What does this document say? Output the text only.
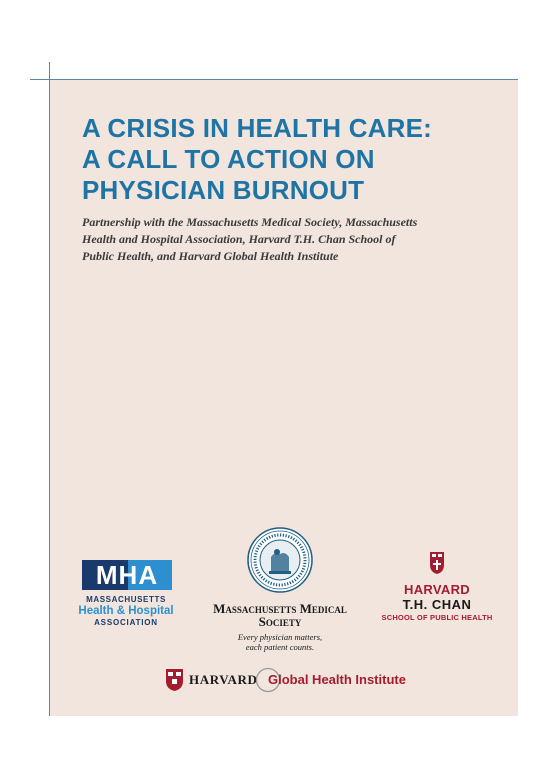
A CRISIS IN HEALTH CARE:
A CALL TO ACTION ON
PHYSICIAN BURNOUT

Partnership with the Massachusetts Medical Society, Massachusetts
Health and Hospital Association, Harvard T.H. Chan School of
Public Health, and Harvard Global Health Institute

MHA
MASSACHUSETTS
Health & Hospital
ASSOCIATION
Massachusetts Medical Society
Every physician matters,
each patient counts.
HARVARD
T.H. CHAN
SCHOOL OF PUBLIC HEALTH
HARVARD Global Health Institute
